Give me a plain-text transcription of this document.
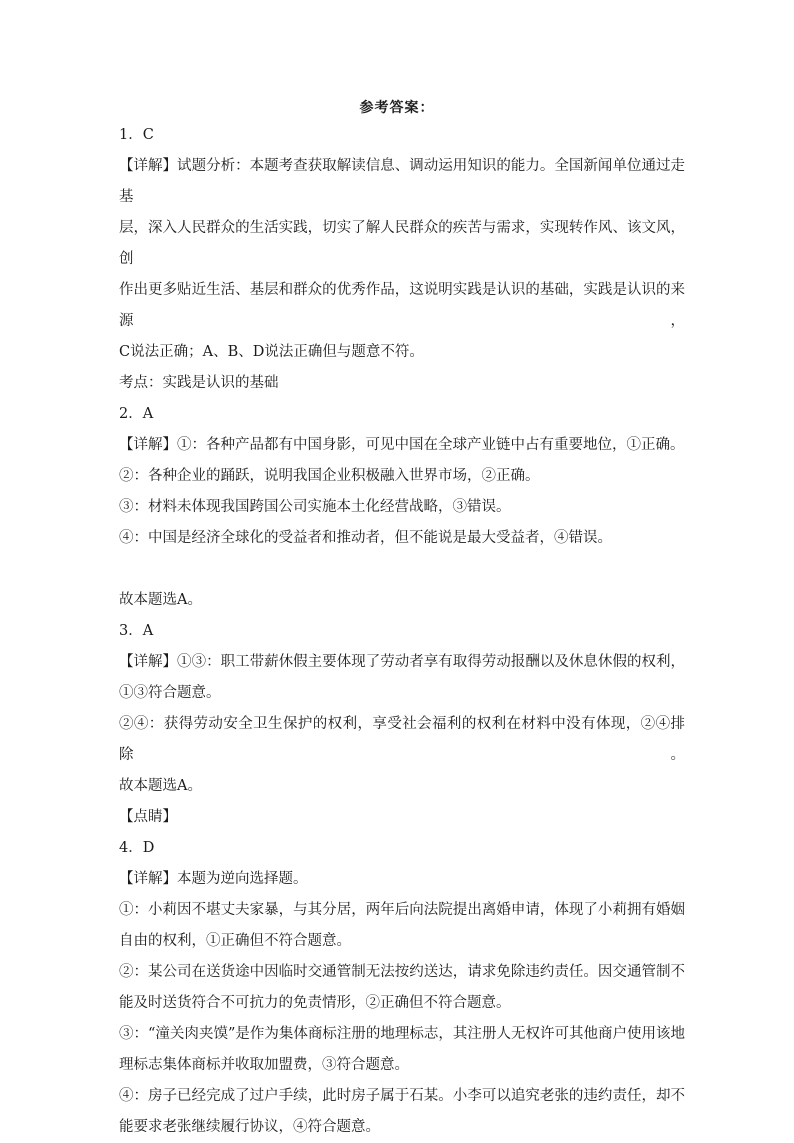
参考答案：
1．C
【详解】试题分析：本题考查获取解读信息、调动运用知识的能力。全国新闻单位通过走基
层，深入人民群众的生活实践，切实了解人民群众的疾苦与需求，实现转作风、该文风，创
作出更多贴近生活、基层和群众的优秀作品，这说明实践是认识的基础，实践是认识的来源，
C说法正确；A、B、D说法正确但与题意不符。
考点：实践是认识的基础
2．A
【详解】①：各种产品都有中国身影，可见中国在全球产业链中占有重要地位，①正确。
②：各种企业的踊跃，说明我国企业积极融入世界市场，②正确。
③：材料未体现我国跨国公司实施本土化经营战略，③错误。
④：中国是经济全球化的受益者和推动者，但不能说是最大受益者，④错误。
故本题选A。
3．A
【详解】①③：职工带薪休假主要体现了劳动者享有取得劳动报酬以及休息休假的权利，
①③符合题意。
②④：获得劳动安全卫生保护的权利，享受社会福利的权利在材料中没有体现，②④排除。
故本题选A。
【点睛】
4．D
【详解】本题为逆向选择题。
①：小莉因不堪丈夫家暴，与其分居，两年后向法院提出离婚申请，体现了小莉拥有婚姻
自由的权利，①正确但不符合题意。
②：某公司在送货途中因临时交通管制无法按约送达，请求免除违约责任。因交通管制不
能及时送货符合不可抗力的免责情形，②正确但不符合题意。
③：“潼关肉夹馍”是作为集体商标注册的地理标志，其注册人无权许可其他商户使用该地
理标志集体商标并收取加盟费，③符合题意。
④：房子已经完成了过户手续，此时房子属于石某。小李可以追究老张的违约责任，却不
能要求老张继续履行协议，④符合题意。
